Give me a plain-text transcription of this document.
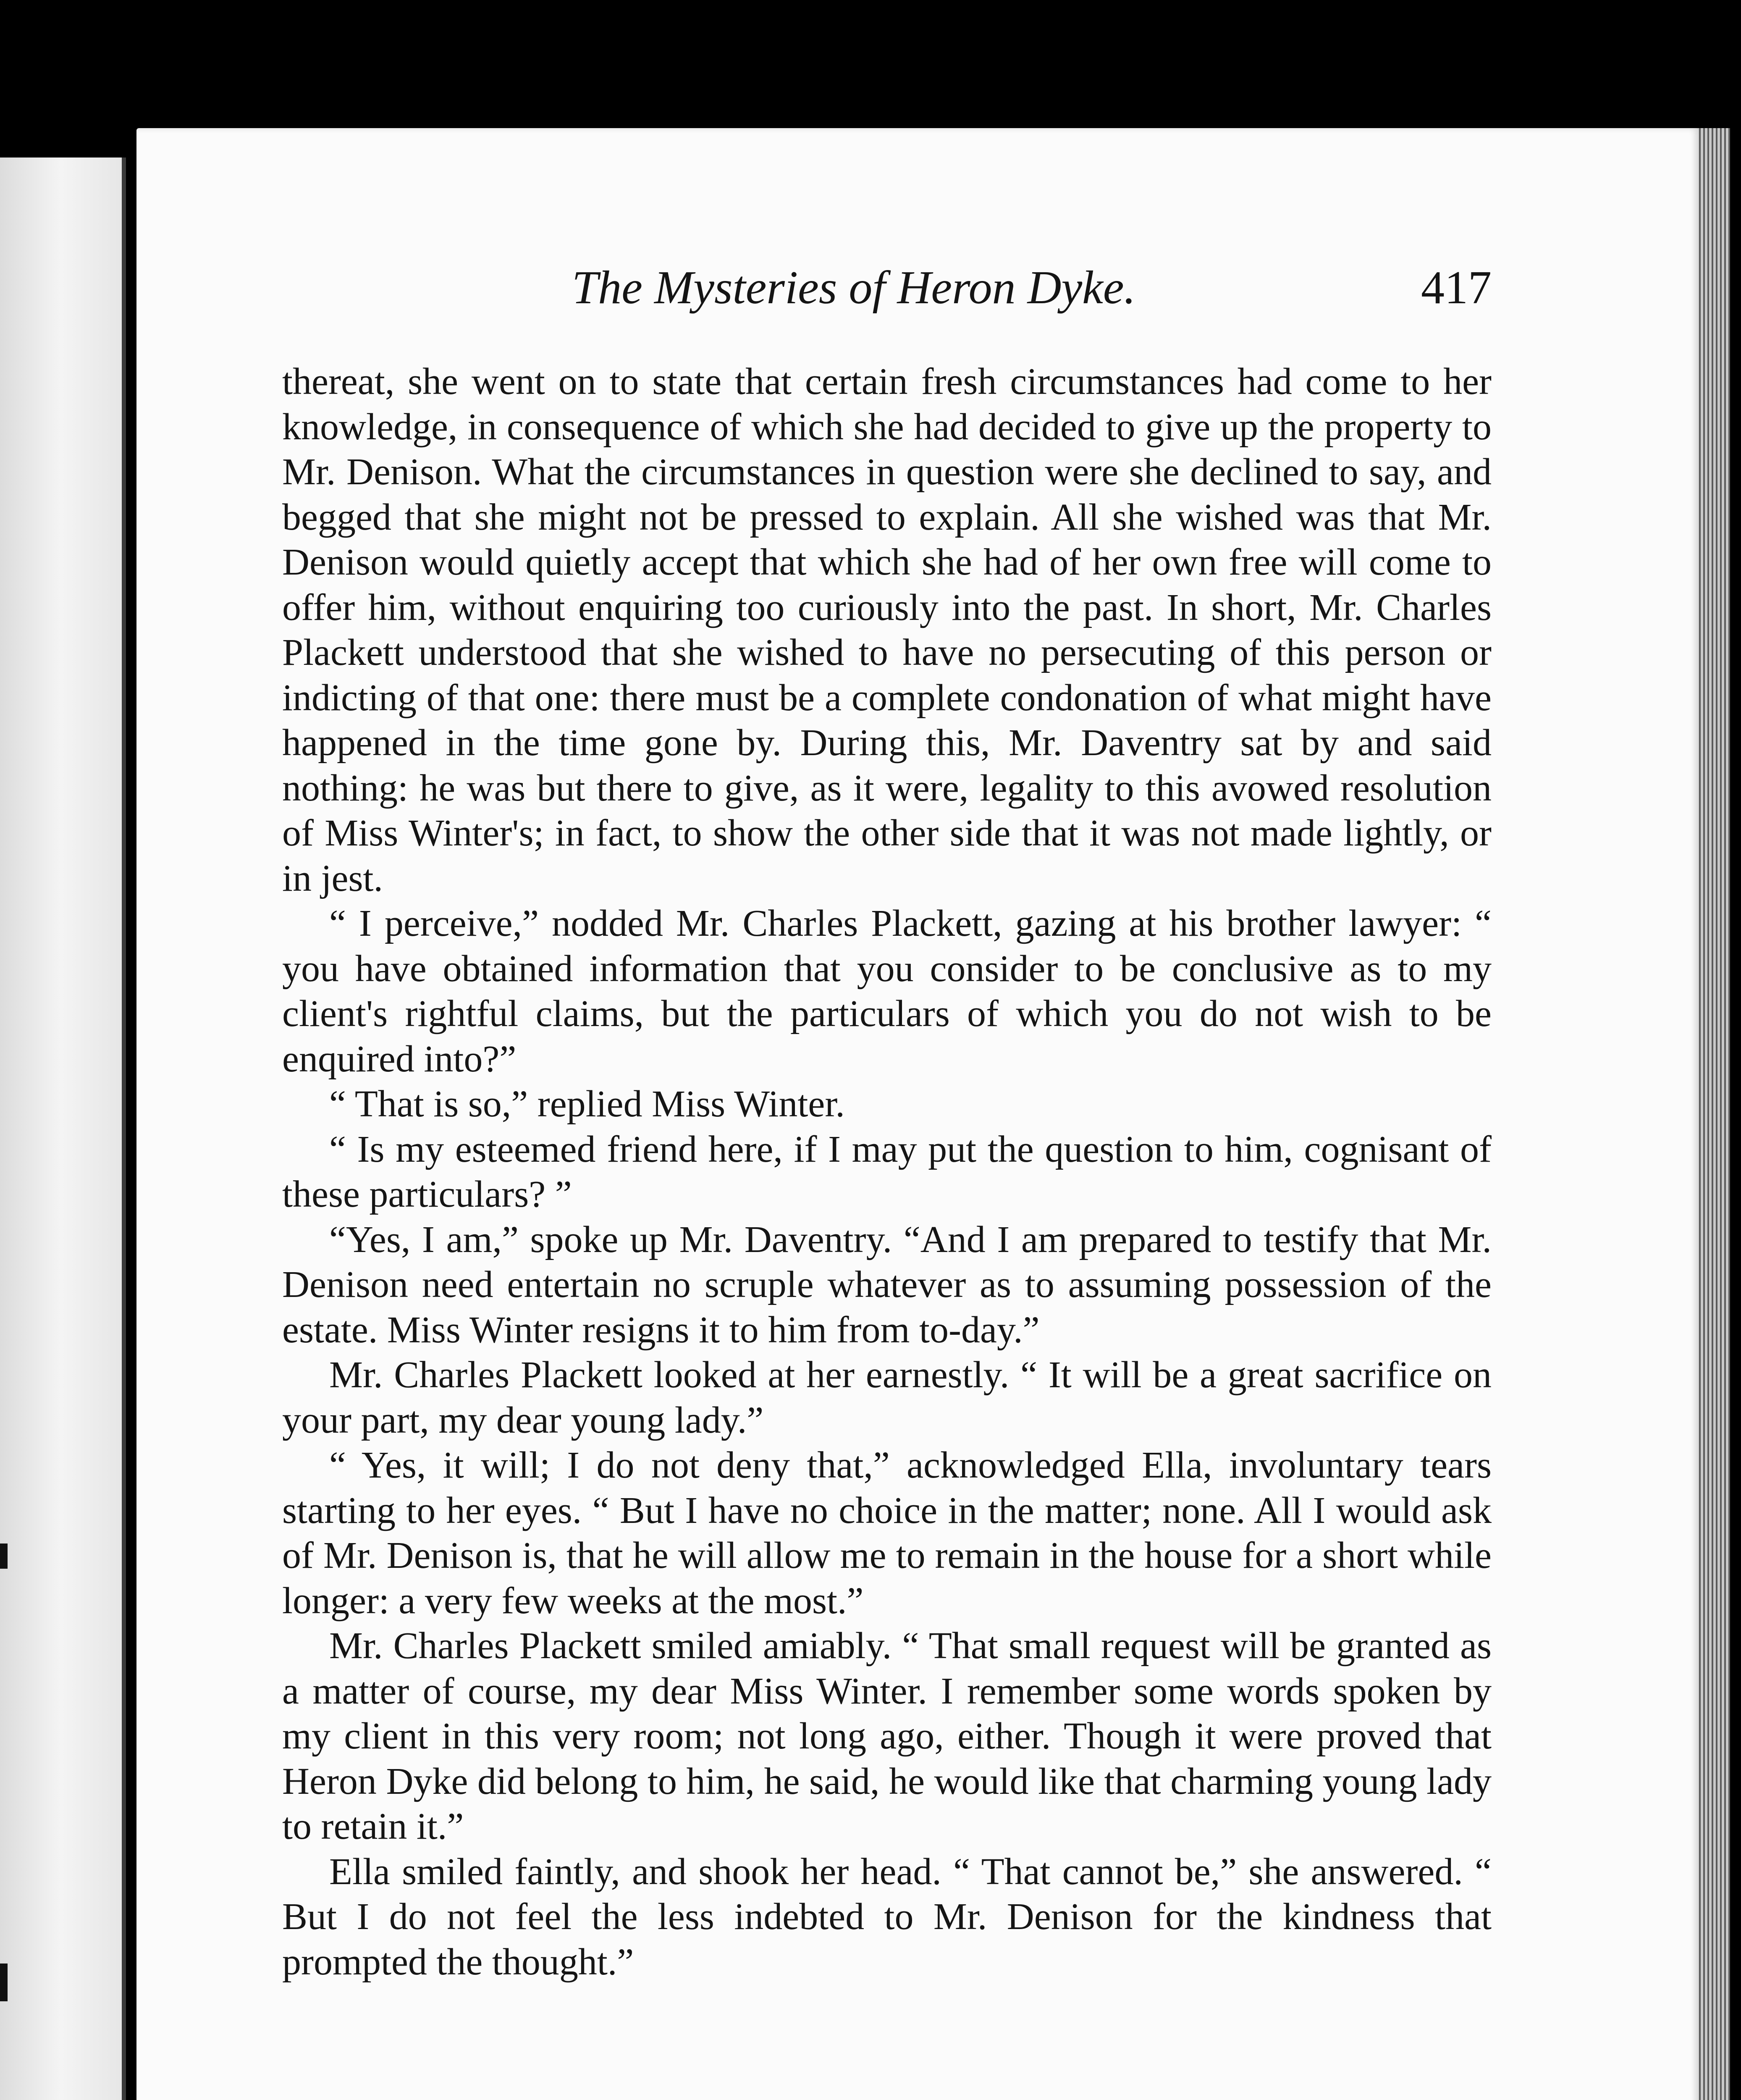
The Mysteries of Heron Dyke.	417

thereat, she went on to state that certain fresh circumstances had come to her knowledge, in consequence of which she had decided to give up the property to Mr. Denison. What the circumstances in question were she declined to say, and begged that she might not be pressed to explain. All she wished was that Mr. Denison would quietly accept that which she had of her own free will come to offer him, without enquiring too curiously into the past. In short, Mr. Charles Plackett understood that she wished to have no persecuting of this person or indicting of that one: there must be a complete condonation of what might have happened in the time gone by. During this, Mr. Daventry sat by and said nothing: he was but there to give, as it were, legality to this avowed resolution of Miss Winter's; in fact, to show the other side that it was not made lightly, or in jest.

“ I perceive,” nodded Mr. Charles Plackett, gazing at his brother lawyer: “ you have obtained information that you consider to be conclusive as to my client's rightful claims, but the particulars of which you do not wish to be enquired into?”

“ That is so,” replied Miss Winter.

“ Is my esteemed friend here, if I may put the question to him, cognisant of these particulars? ”

“Yes, I am,” spoke up Mr. Daventry. “And I am prepared to testify that Mr. Denison need entertain no scruple whatever as to assuming possession of the estate. Miss Winter resigns it to him from to-day.”

Mr. Charles Plackett looked at her earnestly. “ It will be a great sacrifice on your part, my dear young lady.”

“ Yes, it will; I do not deny that,” acknowledged Ella, involuntary tears starting to her eyes. “ But I have no choice in the matter; none. All I would ask of Mr. Denison is, that he will allow me to remain in the house for a short while longer: a very few weeks at the most.”

Mr. Charles Plackett smiled amiably. “ That small request will be granted as a matter of course, my dear Miss Winter. I remember some words spoken by my client in this very room; not long ago, either. Though it were proved that Heron Dyke did belong to him, he said, he would like that charming young lady to retain it.”

Ella smiled faintly, and shook her head. “ That cannot be,” she answered. “ But I do not feel the less indebted to Mr. Denison for the kindness that prompted the thought.”
